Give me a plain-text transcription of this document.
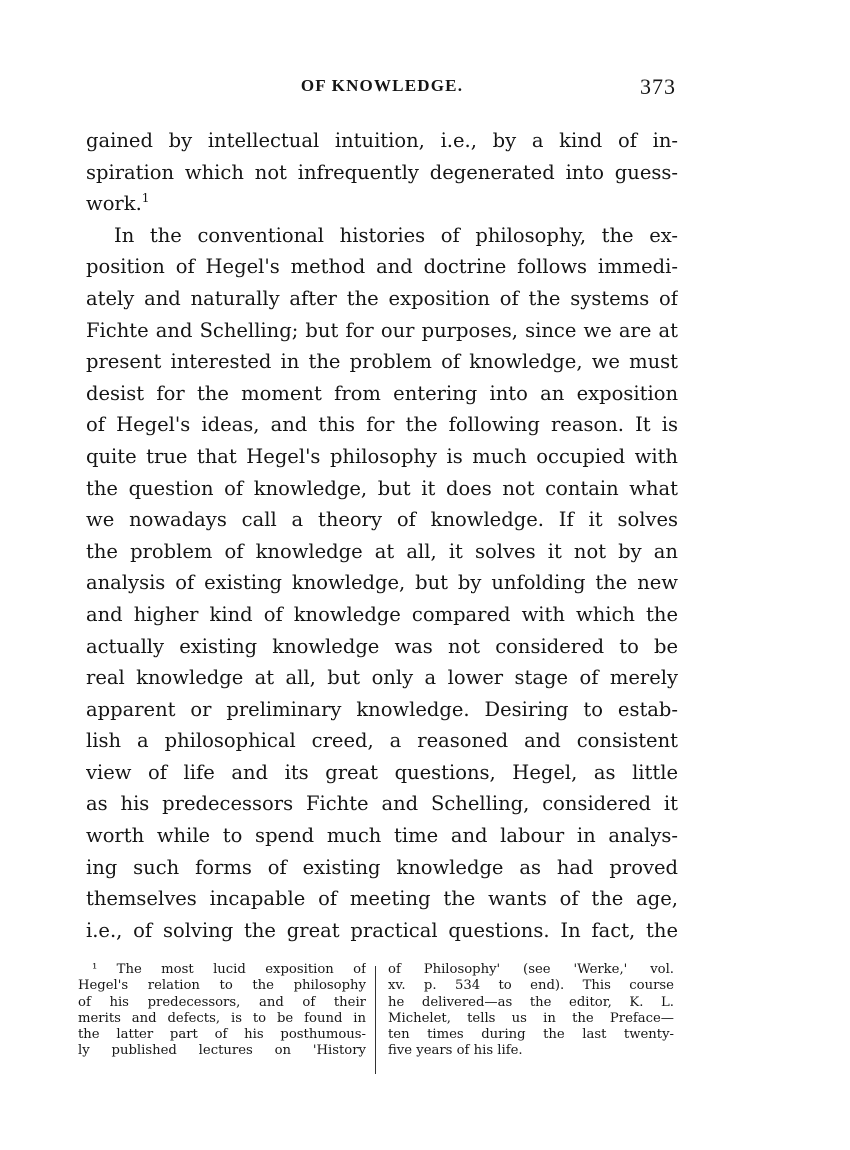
OF KNOWLEDGE.	373
gained by intellectual intuition, i.e., by a kind of in-
spiration which not infrequently degenerated into guess-
work.$^1$
In the conventional histories of philosophy, the ex-
position of Hegel's method and doctrine follows immedi-
ately and naturally after the exposition of the systems of
Fichte and Schelling; but for our purposes, since we are at
present interested in the problem of knowledge, we must
desist for the moment from entering into an exposition
of Hegel's ideas, and this for the following reason. It is
quite true that Hegel's philosophy is much occupied with
the question of knowledge, but it does not contain what
we nowadays call a theory of knowledge. If it solves
the problem of knowledge at all, it solves it not by an
analysis of existing knowledge, but by unfolding the new
and higher kind of knowledge compared with which the
actually existing knowledge was not considered to be
real knowledge at all, but only a lower stage of merely
apparent or preliminary knowledge. Desiring to estab-
lish a philosophical creed, a reasoned and consistent
view of life and its great questions, Hegel, as little
as his predecessors Fichte and Schelling, considered it
worth while to spend much time and labour in analys-
ing such forms of existing knowledge as had proved
themselves incapable of meeting the wants of the age,
i.e., of solving the great practical questions. In fact, the
¹ The most lucid exposition of
Hegel's relation to the philosophy
of his predecessors, and of their
merits and defects, is to be found in
the latter part of his posthumous-
ly published lectures on 'History
of Philosophy' (see 'Werke,' vol.
xv. p. 534 to end). This course
he delivered—as the editor, K. L.
Michelet, tells us in the Preface—
ten times during the last twenty-
five years of his life.
